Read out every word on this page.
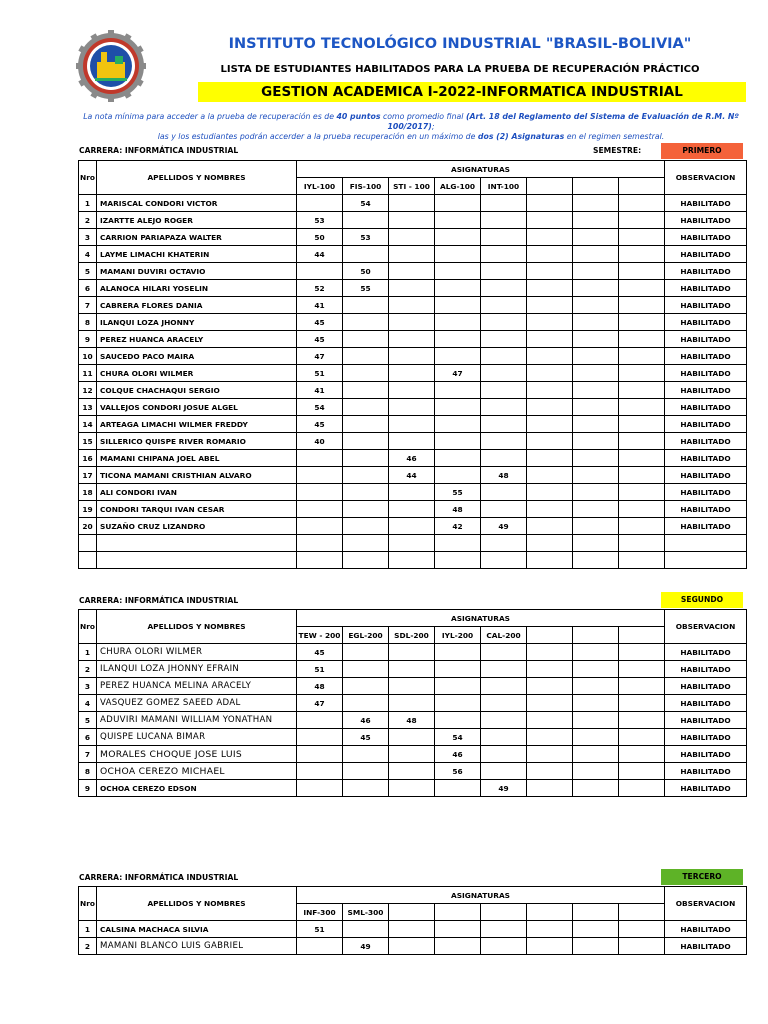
INSTITUTO TECNOLÓGICO INDUSTRIAL "BRASIL-BOLIVIA"
LISTA DE ESTUDIANTES HABILITADOS PARA LA PRUEBA DE RECUPERACIÓN PRÁCTICO
GESTION ACADEMICA I-2022-INFORMATICA INDUSTRIAL
La nota mínima para acceder a la prueba de recuperación es de 40 puntos como promedio final (Art. 18 del Reglamento del Sistema de Evaluación de R.M. Nº 100/2017);
las y los estudiantes podrán accerder a la prueba recuperación en un máximo de dos (2) Asignaturas en el regimen semestral.
CARRERA: INFORMÁTICA INDUSTRIAL	SEMESTRE:	PRIMERO
Nro	APELLIDOS Y NOMBRES	ASIGNATURAS								OBSERVACION
		IYL-100	FIS-100	STI - 100	ALG-100	INT-100				
1	MARISCAL CONDORI VICTOR		54							HABILITADO
2	IZARTTE ALEJO ROGER	53								HABILITADO
3	CARRION PARIAPAZA WALTER	50	53							HABILITADO
4	LAYME LIMACHI KHATERIN	44								HABILITADO
5	MAMANI DUVIRI OCTAVIO		50							HABILITADO
6	ALANOCA HILARI YOSELIN	52	55							HABILITADO
7	CABRERA FLORES DANIA	41								HABILITADO
8	ILANQUI LOZA JHONNY	45								HABILITADO
9	PEREZ HUANCA ARACELY	45								HABILITADO
10	SAUCEDO PACO MAIRA	47								HABILITADO
11	CHURA OLORI WILMER	51			47					HABILITADO
12	COLQUE CHACHAQUI SERGIO	41								HABILITADO
13	VALLEJOS CONDORI JOSUE ALGEL	54								HABILITADO
14	ARTEAGA LIMACHI WILMER FREDDY	45								HABILITADO
15	SILLERICO QUISPE RIVER ROMARIO	40								HABILITADO
16	MAMANI CHIPANA JOEL ABEL			46						HABILITADO
17	TICONA MAMANI CRISTHIAN ALVARO			44		48				HABILITADO
18	ALI CONDORI IVAN				55					HABILITADO
19	CONDORI TARQUI IVAN CESAR				48					HABILITADO
20	SUZAÑO CRUZ LIZANDRO				42	49				HABILITADO

CARRERA: INFORMÁTICA INDUSTRIAL	SEGUNDO
Nro	APELLIDOS Y NOMBRES	ASIGNATURAS								OBSERVACION
		TEW - 200	EGL-200	SDL-200	IYL-200	CAL-200				
1	CHURA OLORI WILMER	45								HABILITADO
2	ILANQUI LOZA JHONNY EFRAIN	51								HABILITADO
3	PEREZ HUANCA MELINA ARACELY	48								HABILITADO
4	VASQUEZ GOMEZ SAEED ADAL	47								HABILITADO
5	ADUVIRI MAMANI WILLIAM YONATHAN		46	48						HABILITADO
6	QUISPE LUCANA BIMAR		45		54					HABILITADO
7	MORALES CHOQUE JOSE LUIS				46					HABILITADO
8	OCHOA CEREZO MICHAEL				56					HABILITADO
9	OCHOA CEREZO EDSON					49				HABILITADO
CARRERA: INFORMÁTICA INDUSTRIAL	TERCERO
Nro	APELLIDOS Y NOMBRES	ASIGNATURAS								OBSERVACION
		INF-300	SML-300							
1	CALSINA MACHACA SILVIA	51								HABILITADO
2	MAMANI BLANCO LUIS GABRIEL		49							HABILITADO
